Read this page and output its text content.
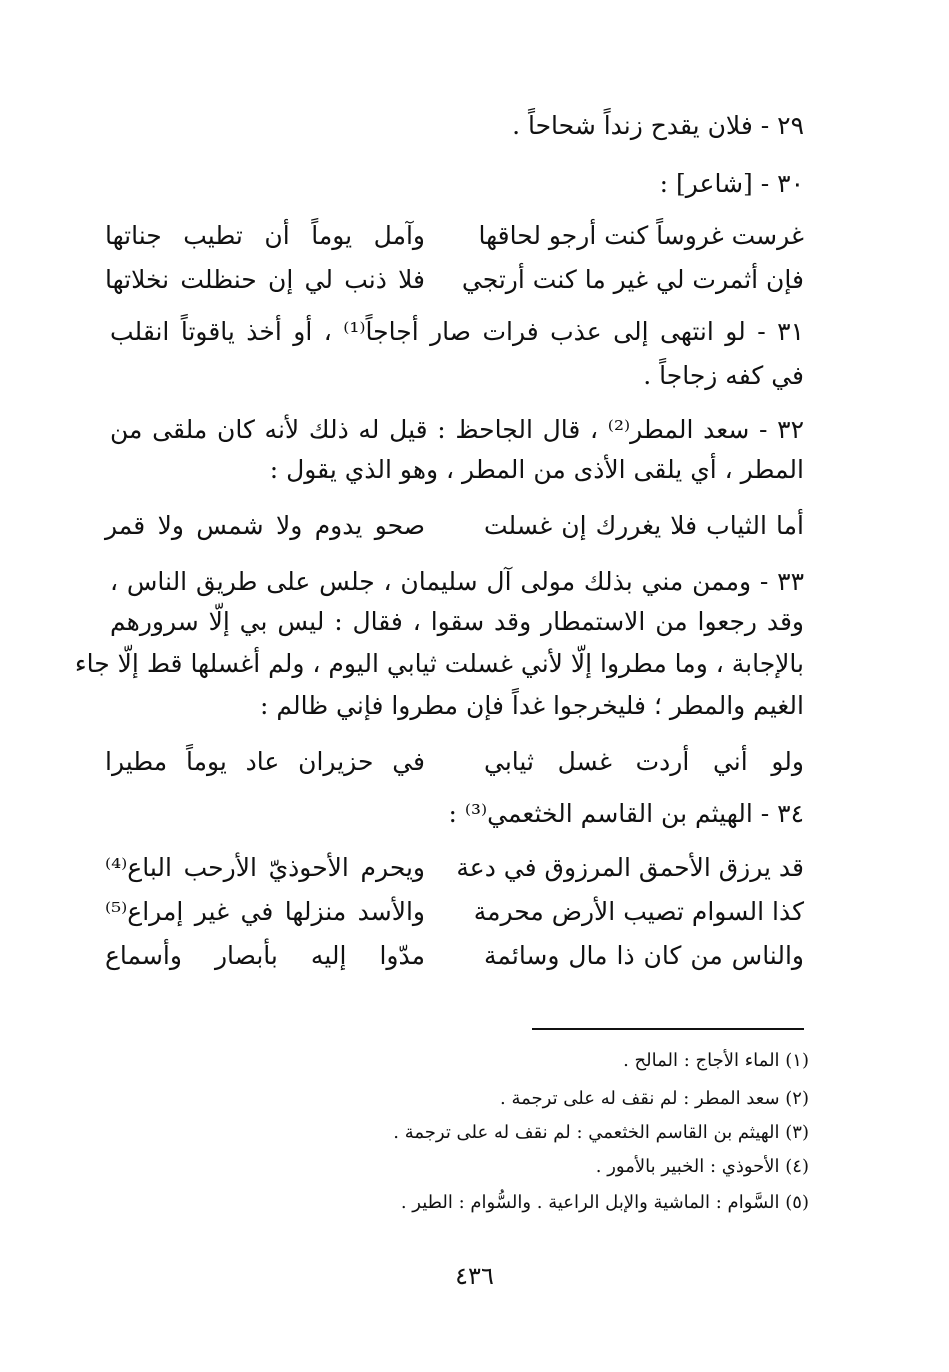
٢٩ - فلان يقدح زنداً شحاحاً .
٣٠ - [شاعر] :
غرست غروساً كنت أرجو لحاقها
وآمل يوماً أن تطيب جناتها
فإن أثمرت لي غير ما كنت أرتجي
فلا ذنب لي إن حنظلت نخلاتها
٣١ - لو انتهى إلى عذب فرات صار أجاجاً⁽¹⁾ ، أو أخذ ياقوتاً انقلب
في كفه زجاجاً .
٣٢ - سعد المطر⁽²⁾ ، قال الجاحظ : قيل له ذلك لأنه كان ملقى من
المطر ، أي يلقى الأذى من المطر ، وهو الذي يقول :
أما الثياب فلا يغررك إن غسلت
صحو يدوم ولا شمس ولا قمر
٣٣ - وممن مني بذلك مولى آل سليمان ، جلس على طريق الناس ،
وقد رجعوا من الاستمطار وقد سقوا ، فقال : ليس بي إلّا سرورهم
بالإجابة ، وما مطروا إلّا لأني غسلت ثيابي اليوم ، ولم أغسلها قط إلّا جاء
الغيم والمطر ؛ فليخرجوا غداً فإن مطروا فإني ظالم :
ولو أني أردت غسل ثيابي
في حزيران عاد يوماً مطيرا
٣٤ - الهيثم بن القاسم الخثعمي⁽³⁾ :
قد يرزق الأحمق المرزوق في دعة
ويحرم الأحوذيّ الأرحب الباع⁽⁴⁾
كذا السوام تصيب الأرض محرمة
والأسد منزلها في غير إمراع⁽⁵⁾
والناس من كان ذا مال وسائمة
مدّوا إليه بأبصار وأسماع
(١) الماء الأجاج : المالح .
(٢) سعد المطر : لم نقف له على ترجمة .
(٣) الهيثم بن القاسم الخثعمي : لم نقف له على ترجمة .
(٤) الأحوذي : الخبير بالأمور .
(٥) السَّوام : الماشية والإبل الراعية . والسُّوام : الطير .
٤٣٦
